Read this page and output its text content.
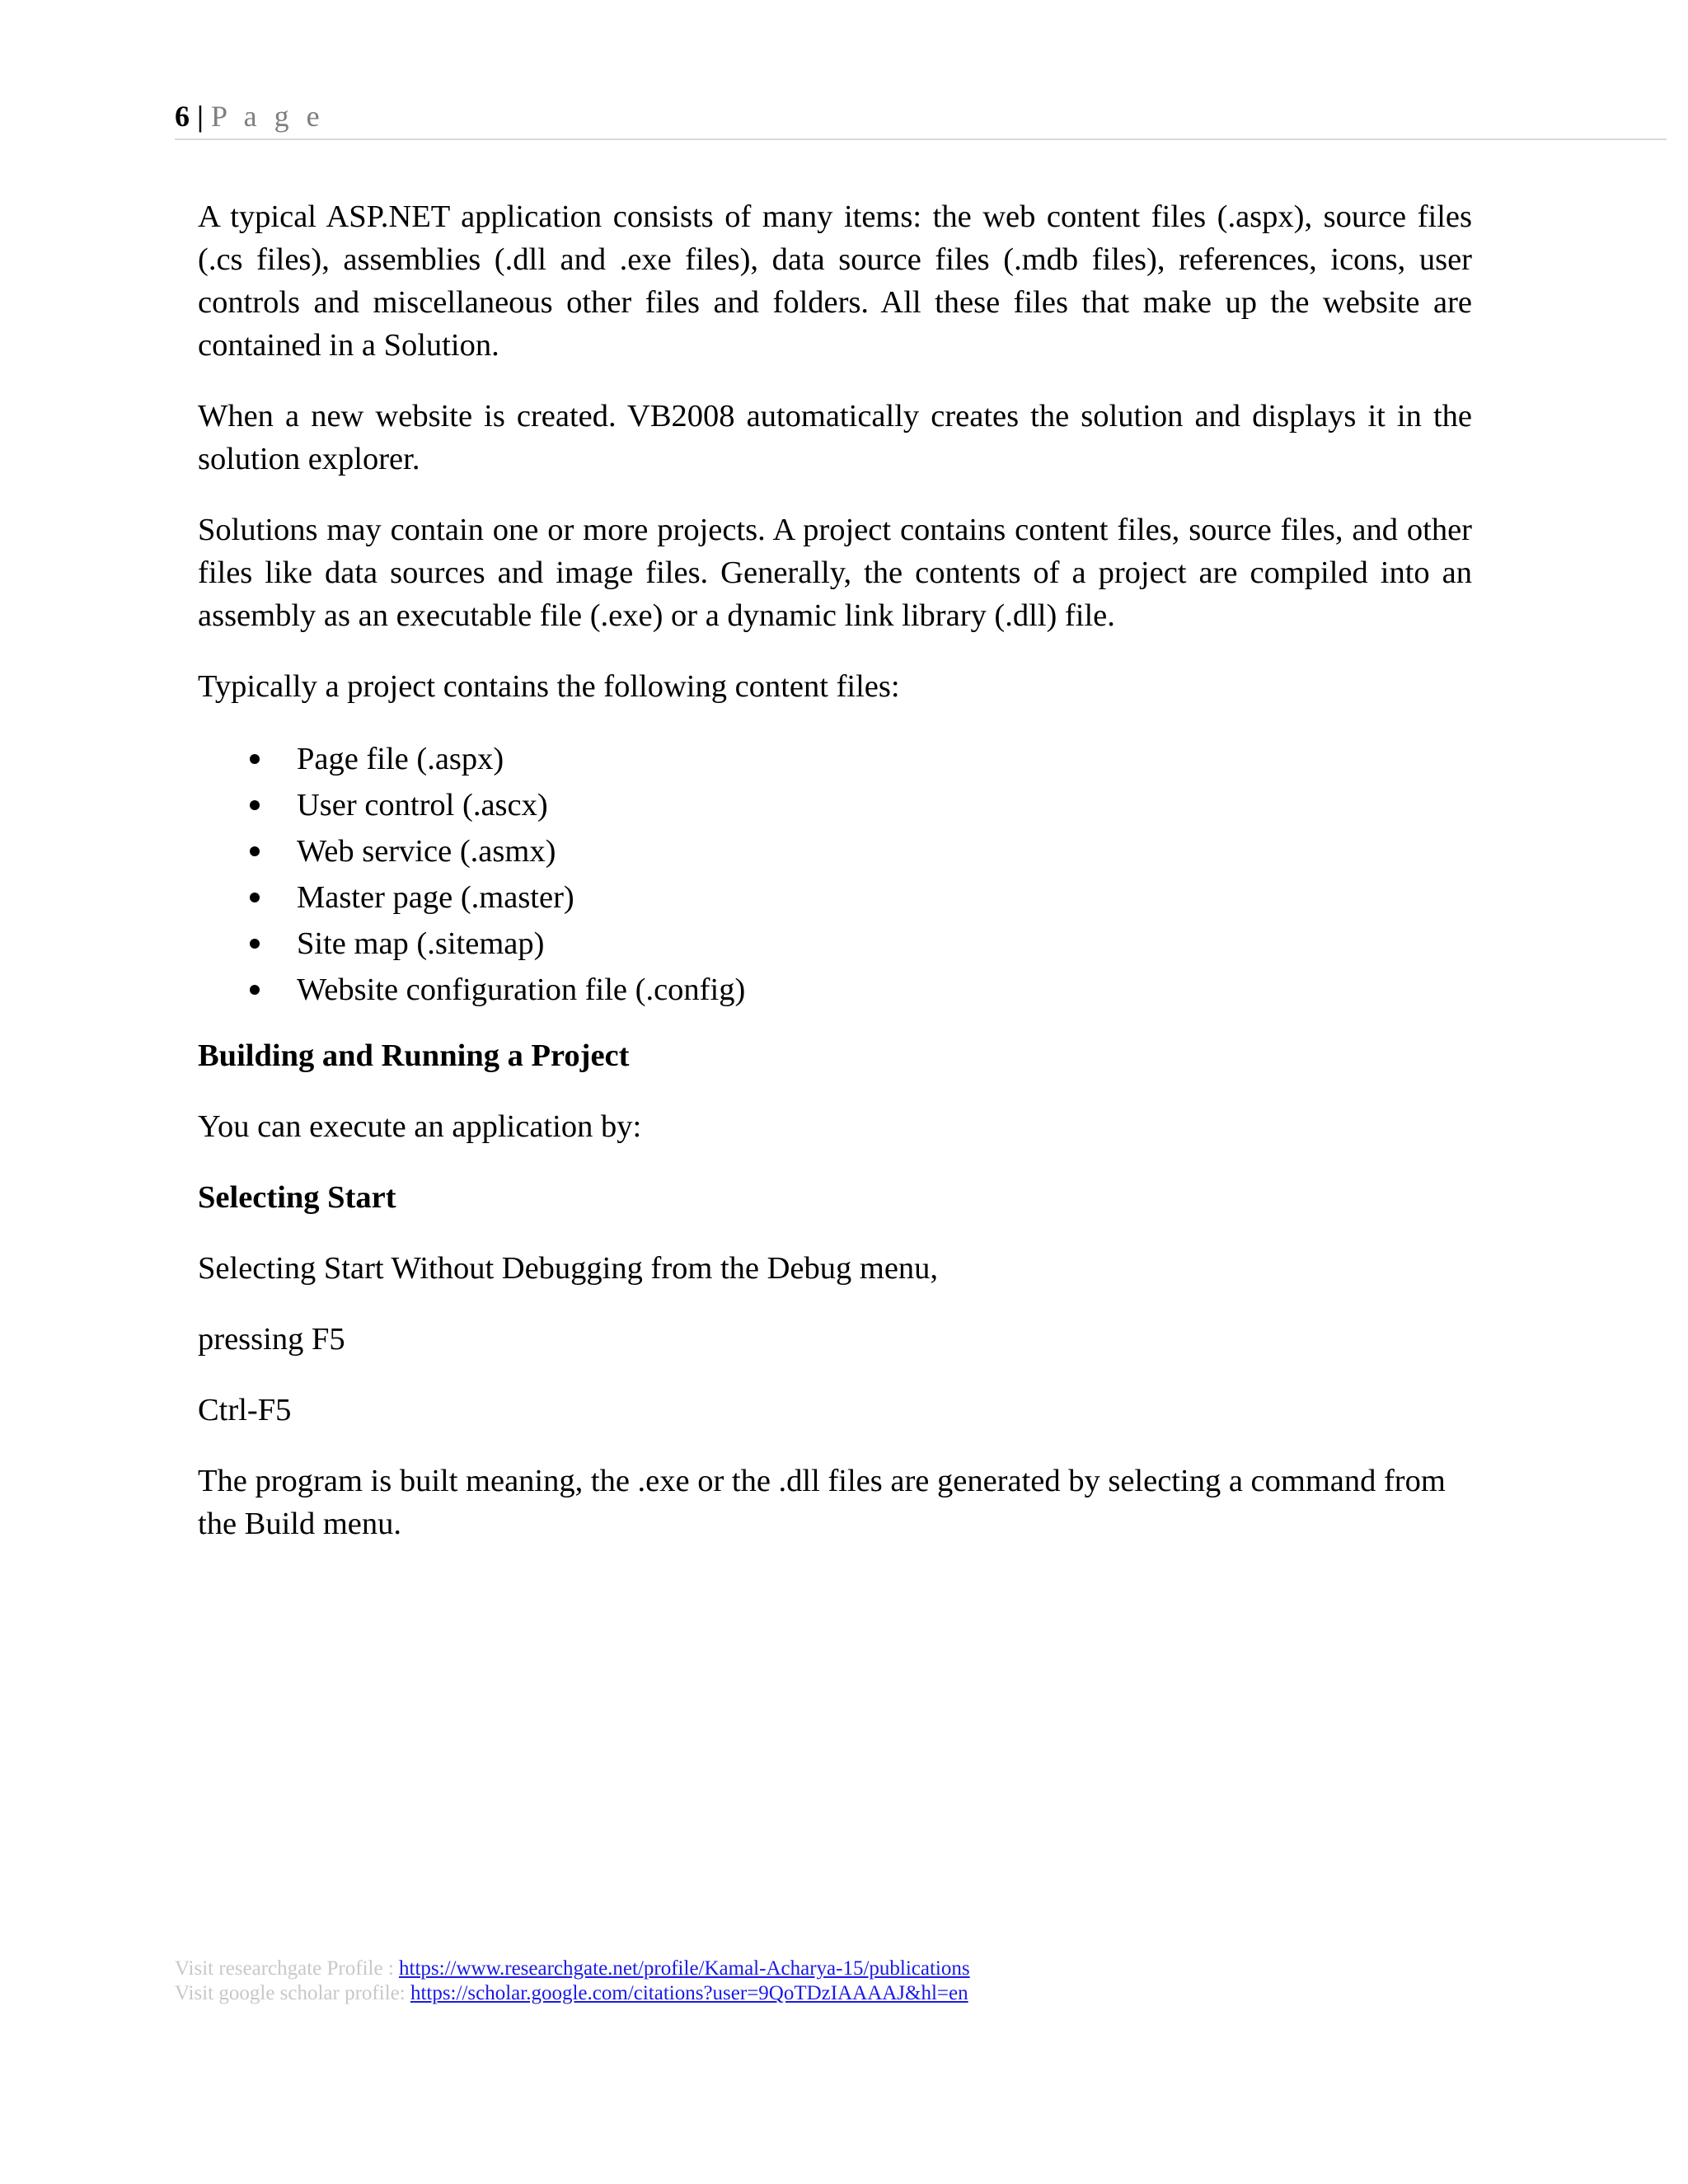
6 | P a g e

A typical ASP.NET application consists of many items: the web content files (.aspx), source files (.cs files), assemblies (.dll and .exe files), data source files (.mdb files), references, icons, user controls and miscellaneous other files and folders. All these files that make up the website are contained in a Solution.

When a new website is created. VB2008 automatically creates the solution and displays it in the solution explorer.

Solutions may contain one or more projects. A project contains content files, source files, and other files like data sources and image files. Generally, the contents of a project are compiled into an assembly as an executable file (.exe) or a dynamic link library (.dll) file.

Typically a project contains the following content files:

Page file (.aspx)
User control (.ascx)
Web service (.asmx)
Master page (.master)
Site map (.sitemap)
Website configuration file (.config)

Building and Running a Project

You can execute an application by:

Selecting Start

Selecting Start Without Debugging from the Debug menu,

pressing F5

Ctrl-F5

The program is built meaning, the .exe or the .dll files are generated by selecting a command from the Build menu.

Visit researchgate Profile : https://www.researchgate.net/profile/Kamal-Acharya-15/publications
Visit google scholar profile: https://scholar.google.com/citations?user=9QoTDzIAAAAJ&hl=en
